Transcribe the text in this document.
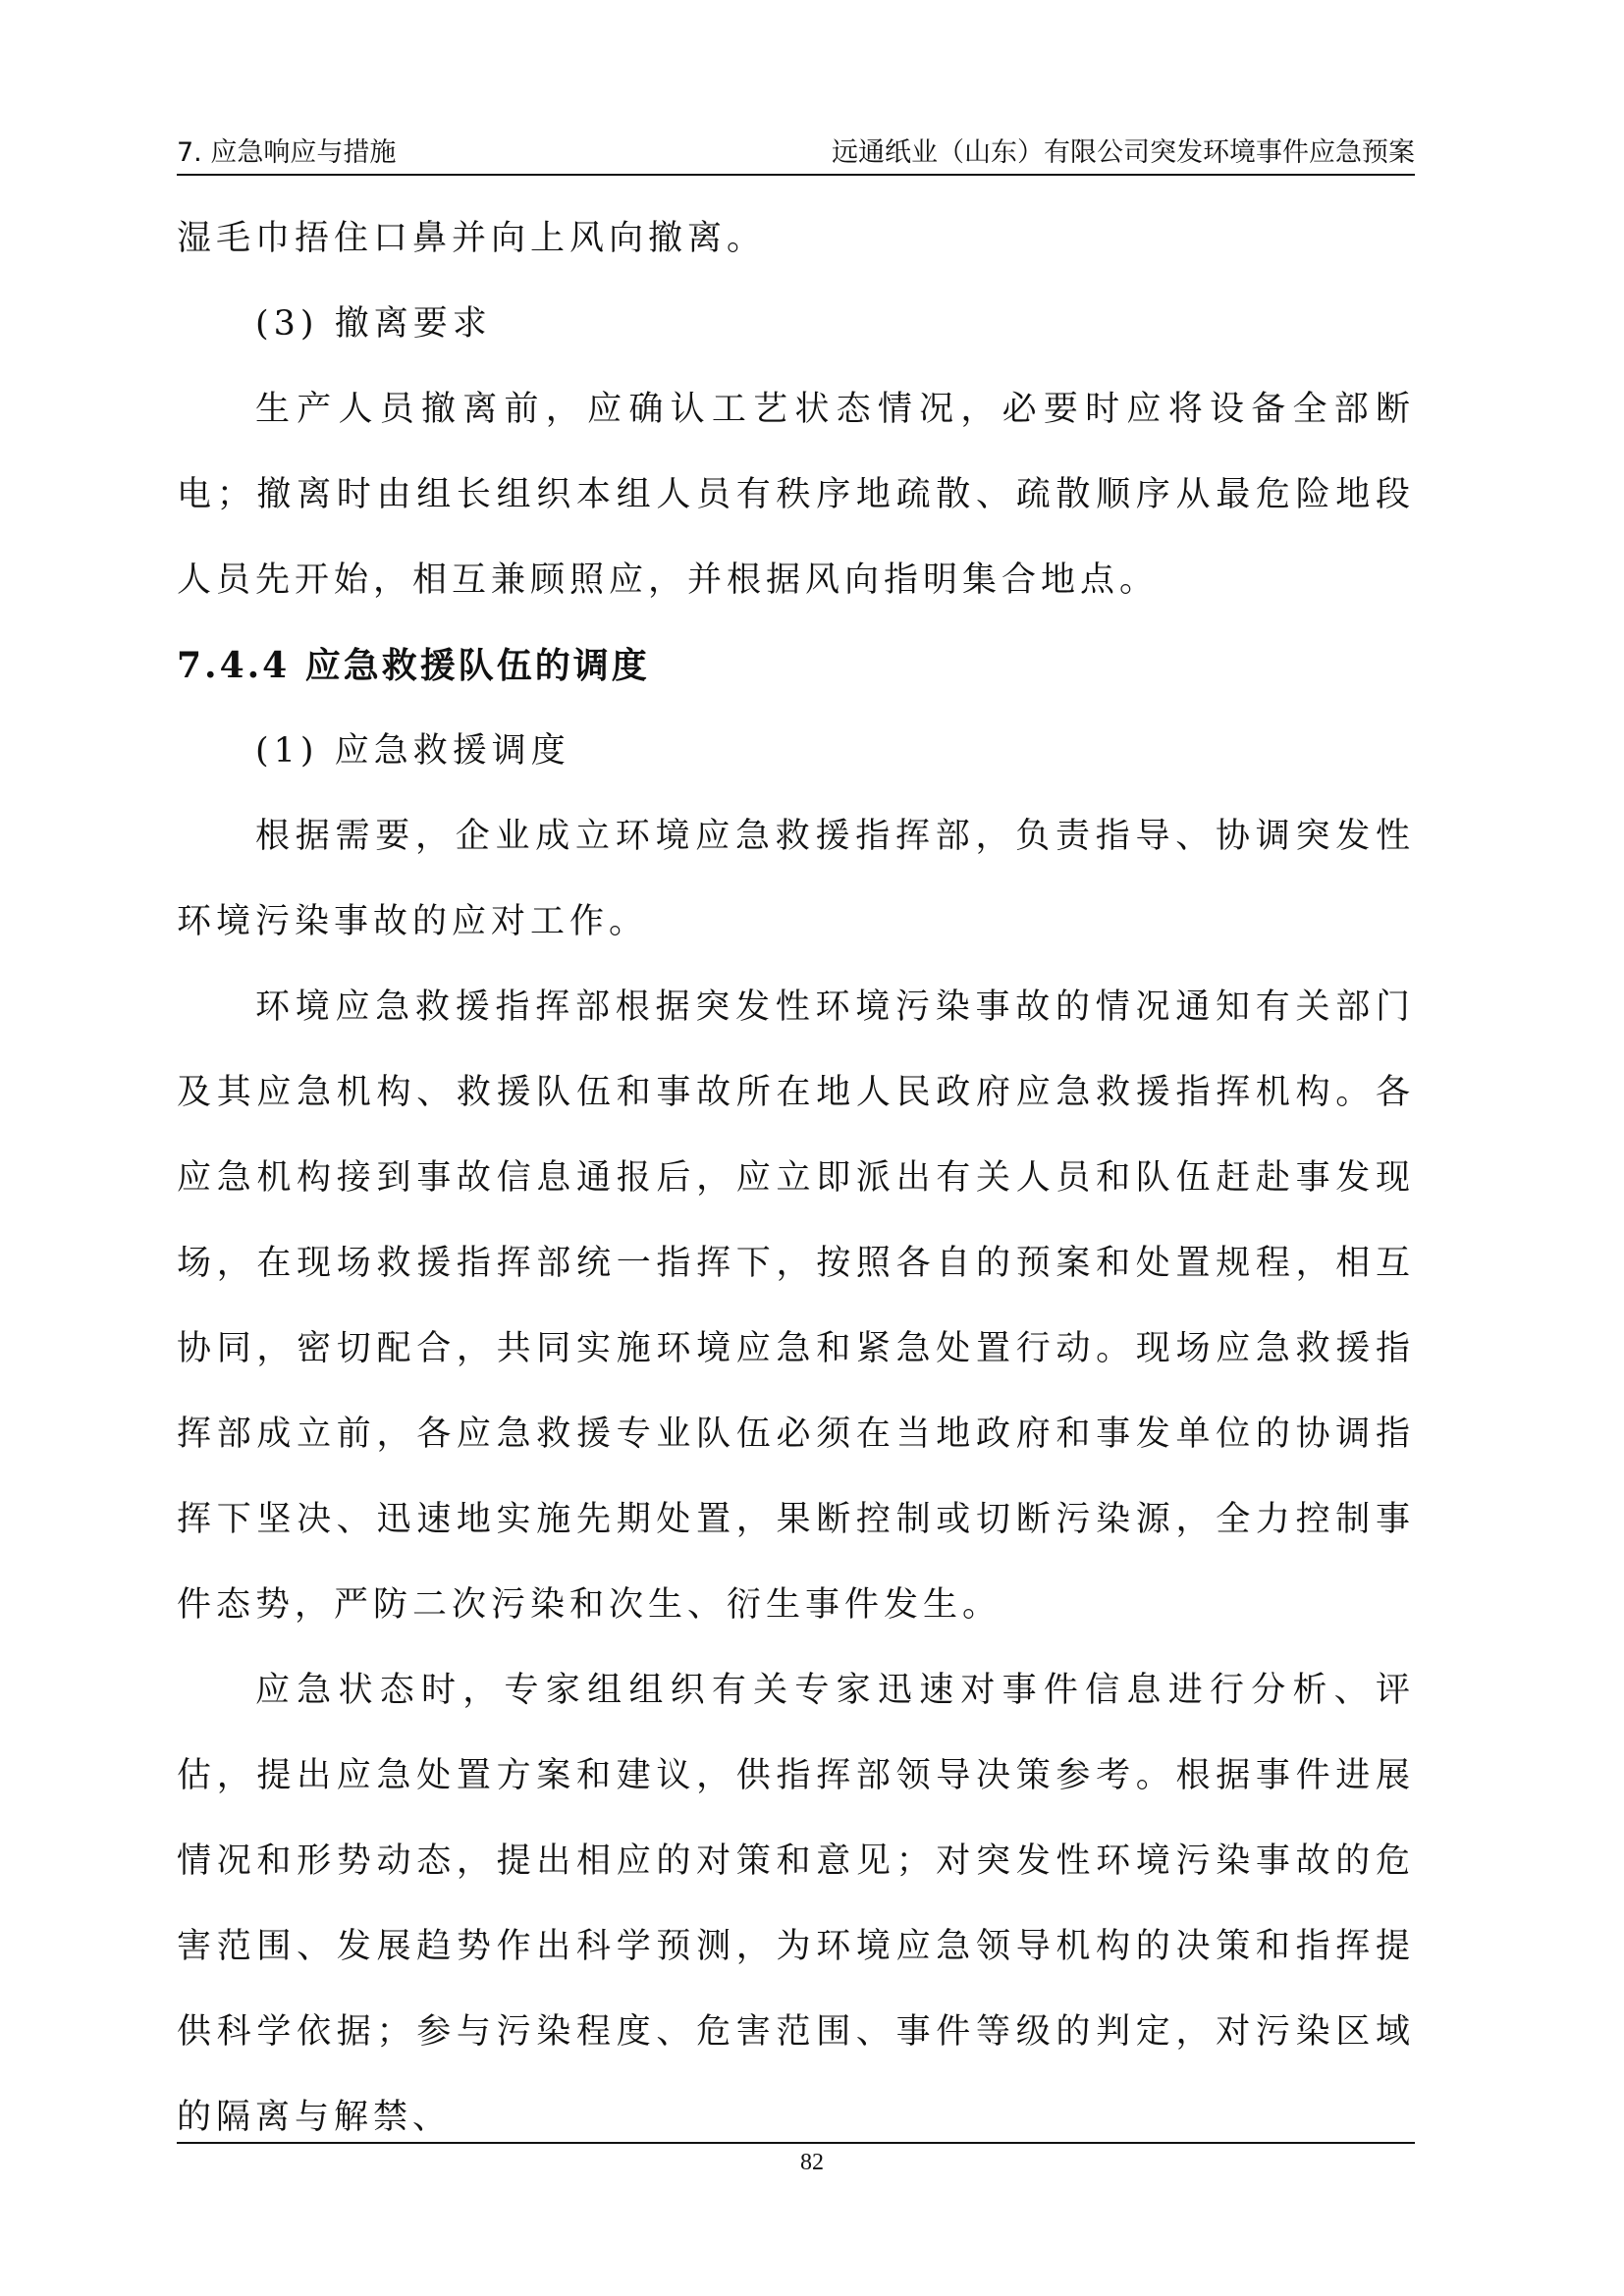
7. 应急响应与措施	远通纸业（山东）有限公司突发环境事件应急预案

湿毛巾捂住口鼻并向上风向撤离。

(3) 撤离要求

生产人员撤离前，应确认工艺状态情况，必要时应将设备全部断电；撤离时由组长组织本组人员有秩序地疏散、疏散顺序从最危险地段人员先开始，相互兼顾照应，并根据风向指明集合地点。

7.4.4 应急救援队伍的调度

(1) 应急救援调度

根据需要，企业成立环境应急救援指挥部，负责指导、协调突发性环境污染事故的应对工作。

环境应急救援指挥部根据突发性环境污染事故的情况通知有关部门及其应急机构、救援队伍和事故所在地人民政府应急救援指挥机构。各应急机构接到事故信息通报后，应立即派出有关人员和队伍赶赴事发现场，在现场救援指挥部统一指挥下，按照各自的预案和处置规程，相互协同，密切配合，共同实施环境应急和紧急处置行动。现场应急救援指挥部成立前，各应急救援专业队伍必须在当地政府和事发单位的协调指挥下坚决、迅速地实施先期处置，果断控制或切断污染源，全力控制事件态势，严防二次污染和次生、衍生事件发生。

应急状态时，专家组组织有关专家迅速对事件信息进行分析、评估，提出应急处置方案和建议，供指挥部领导决策参考。根据事件进展情况和形势动态，提出相应的对策和意见；对突发性环境污染事故的危害范围、发展趋势作出科学预测，为环境应急领导机构的决策和指挥提供科学依据；参与污染程度、危害范围、事件等级的判定，对污染区域的隔离与解禁、

82
